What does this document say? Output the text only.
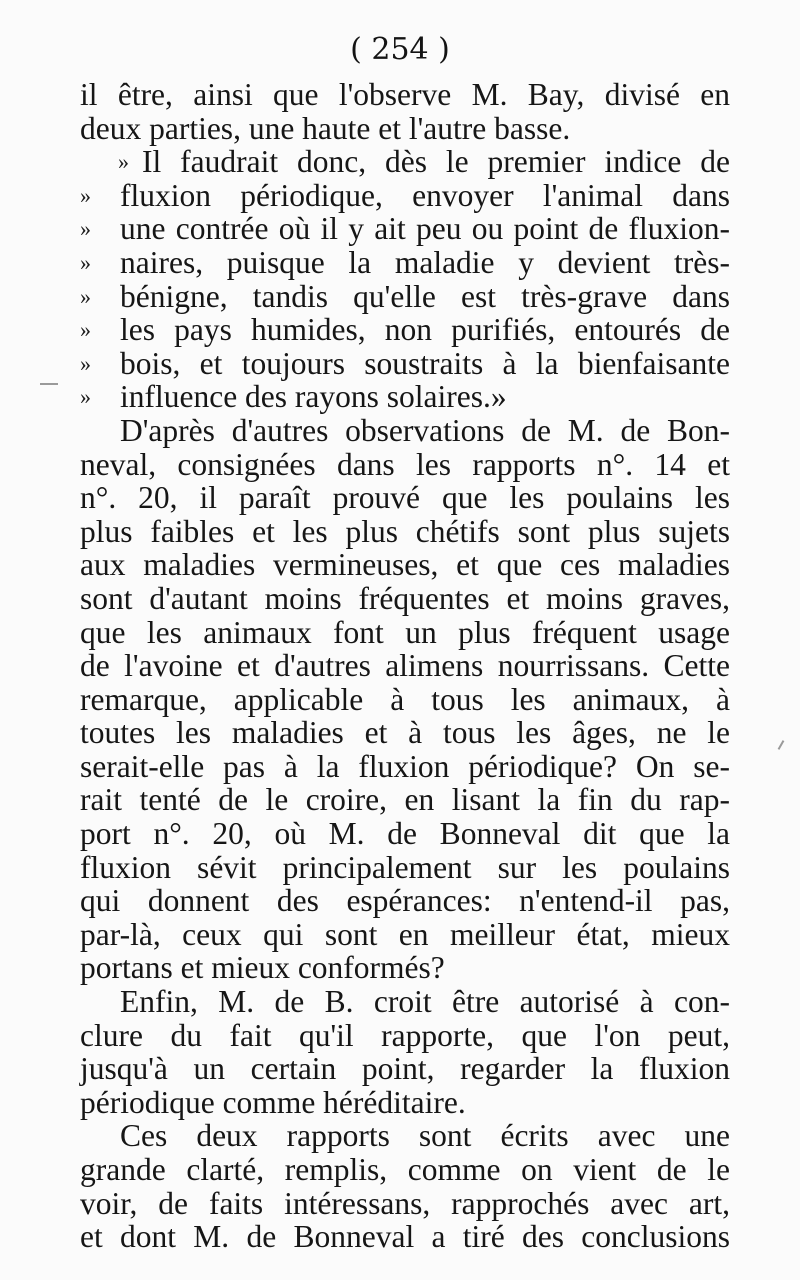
( 254 )
il être, ainsi que l'observe M. Bay, divisé en
deux parties, une haute et l'autre basse.
» Il faudrait donc, dès le premier indice de
» fluxion périodique, envoyer l'animal dans
» une contrée où il y ait peu ou point de fluxion-
» naires, puisque la maladie y devient très-
» bénigne, tandis qu'elle est très-grave dans
» les pays humides, non purifiés, entourés de
» bois, et toujours soustraits à la bienfaisante
» influence des rayons solaires.»
D'après d'autres observations de M. de Bon-
neval, consignées dans les rapports n°. 14 et
n°. 20, il paraît prouvé que les poulains les
plus faibles et les plus chétifs sont plus sujets
aux maladies vermineuses, et que ces maladies
sont d'autant moins fréquentes et moins graves,
que les animaux font un plus fréquent usage
de l'avoine et d'autres alimens nourrissans. Cette
remarque, applicable à tous les animaux, à
toutes les maladies et à tous les âges, ne le
serait-elle pas à la fluxion périodique? On se-
rait tenté de le croire, en lisant la fin du rap-
port n°. 20, où M. de Bonneval dit que la
fluxion sévit principalement sur les poulains
qui donnent des espérances: n'entend-il pas,
par-là, ceux qui sont en meilleur état, mieux
portans et mieux conformés?
Enfin, M. de B. croit être autorisé à con-
clure du fait qu'il rapporte, que l'on peut,
jusqu'à un certain point, regarder la fluxion
périodique comme héréditaire.
Ces deux rapports sont écrits avec une
grande clarté, remplis, comme on vient de le
voir, de faits intéressans, rapprochés avec art,
et dont M. de Bonneval a tiré des conclusions
